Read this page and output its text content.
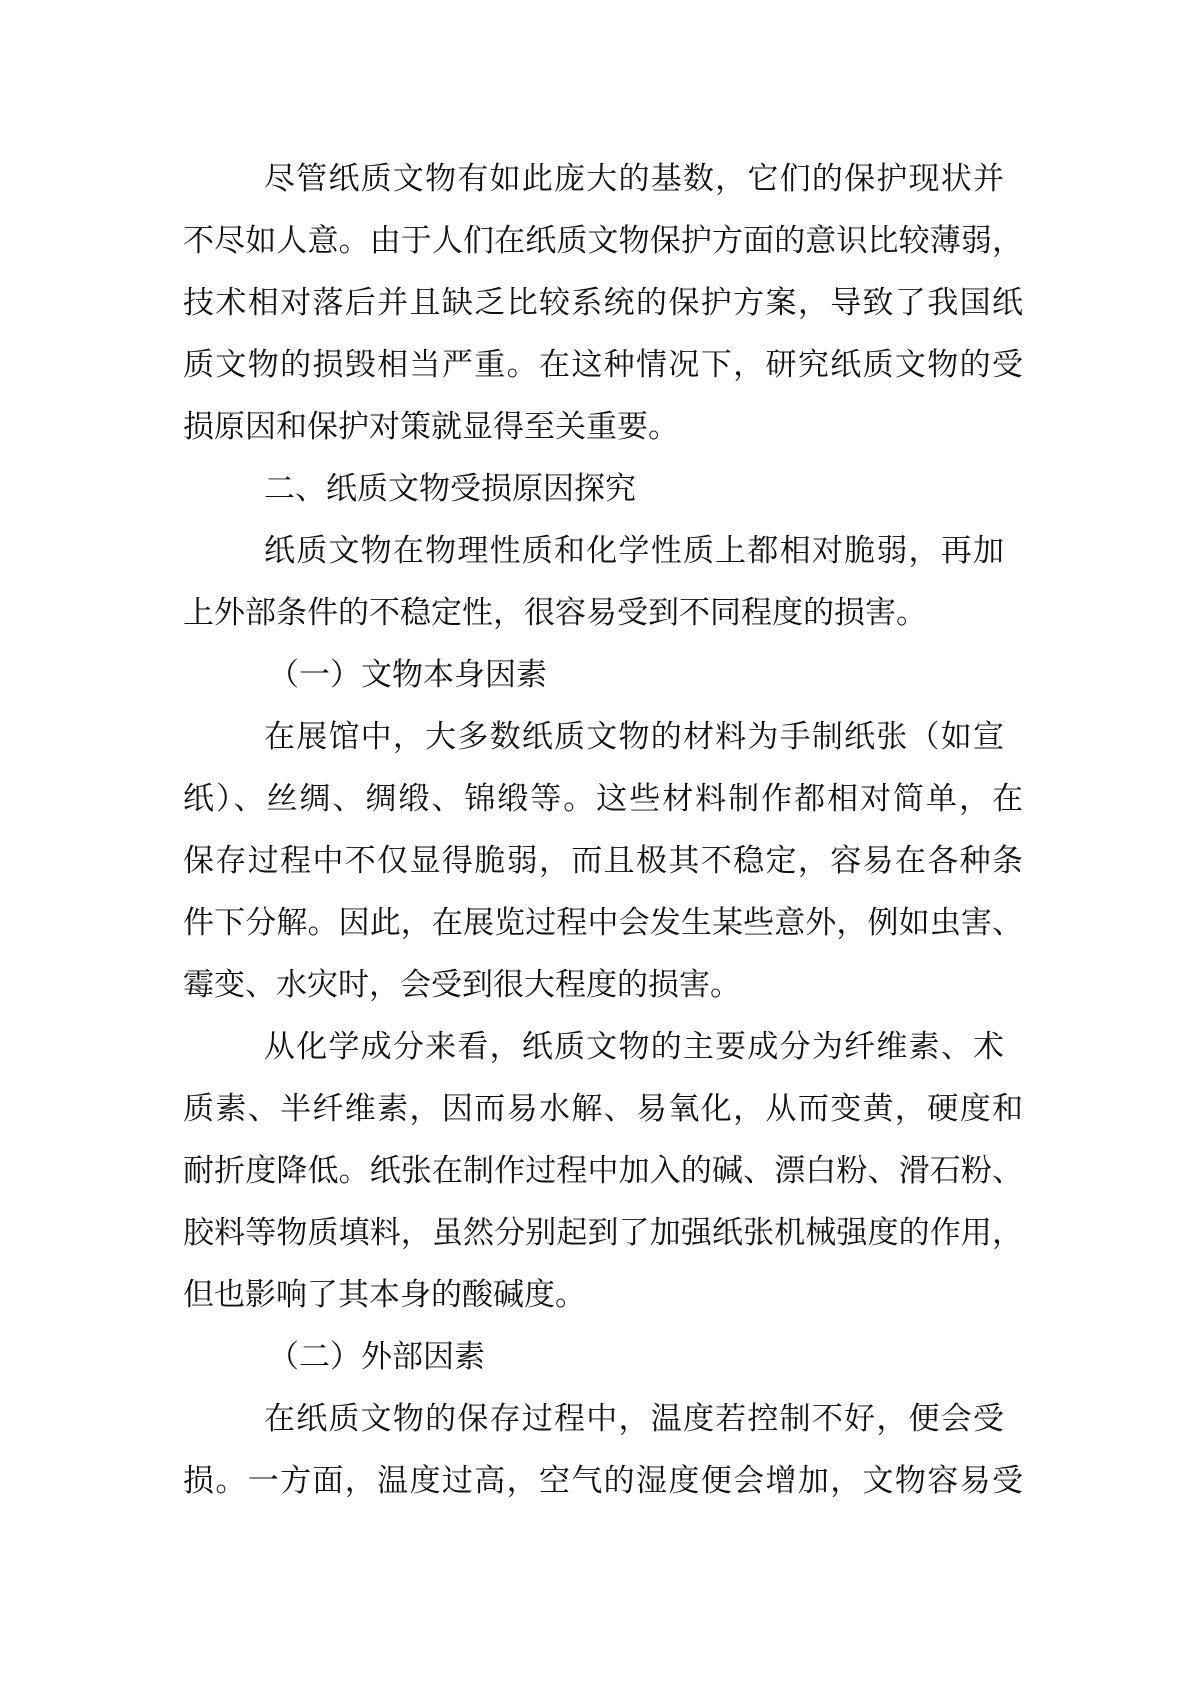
尽管纸质文物有如此庞大的基数，它们的保护现状并
不尽如人意。由于人们在纸质文物保护方面的意识比较薄弱，
技术相对落后并且缺乏比较系统的保护方案，导致了我国纸
质文物的损毁相当严重。在这种情况下，研究纸质文物的受
损原因和保护对策就显得至关重要。
二、纸质文物受损原因探究
纸质文物在物理性质和化学性质上都相对脆弱，再加
上外部条件的不稳定性，很容易受到不同程度的损害。
（一）文物本身因素
在展馆中，大多数纸质文物的材料为手制纸张（如宣
纸）、丝绸、绸缎、锦缎等。这些材料制作都相对简单，在
保存过程中不仅显得脆弱，而且极其不稳定，容易在各种条
件下分解。因此，在展览过程中会发生某些意外，例如虫害、
霉变、水灾时，会受到很大程度的损害。
从化学成分来看，纸质文物的主要成分为纤维素、术
质素、半纤维素，因而易水解、易氧化，从而变黄，硬度和
耐折度降低。纸张在制作过程中加入的碱、漂白粉、滑石粉、
胶料等物质填料，虽然分别起到了加强纸张机械强度的作用，
但也影响了其本身的酸碱度。
（二）外部因素
在纸质文物的保存过程中，温度若控制不好，便会受
损。一方面，温度过高，空气的湿度便会增加，文物容易受
